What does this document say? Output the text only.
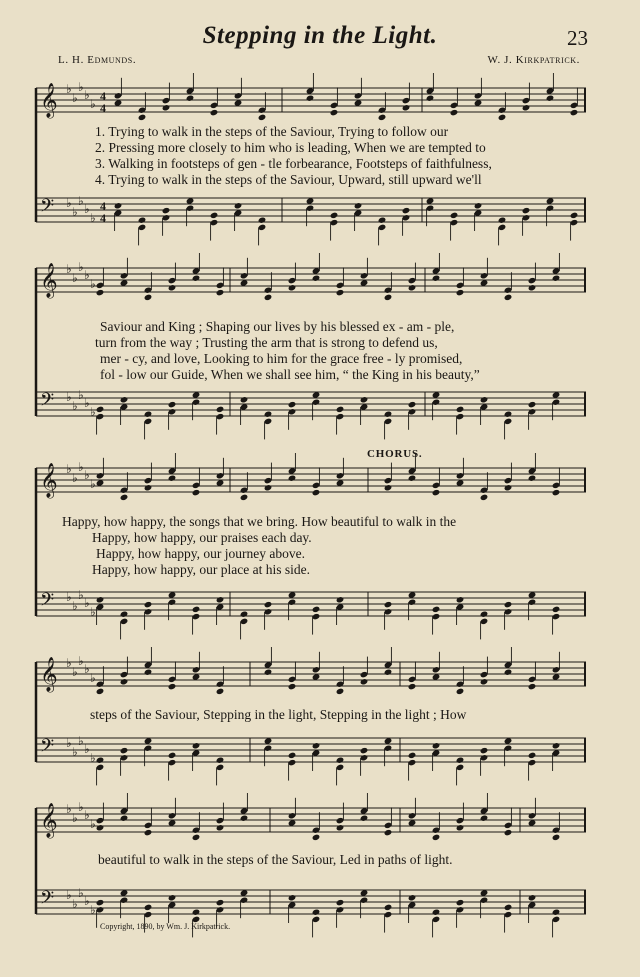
𝄞 ♭
♭
♭
♭
♭
4
4
𝄢 ♭
♭
♭
♭
♭
4
4
𝄞 ♭
♭
♭
♭
♭
𝄢 ♭
♭
♭
♭
♭
𝄞 ♭
♭
♭
♭
♭
𝄢 ♭
♭
♭
♭
♭
𝄞 ♭
♭
♭
♭
♭
𝄢 ♭
♭
♭
♭
♭
𝄞 ♭
♭
♭
♭
♭
𝄢 ♭
♭
♭
♭
♭
Stepping in the Light.	23
L. H. Edmunds.	W. J. Kirkpatrick.
1. Trying to walk in the steps of the Saviour, Trying to follow our
2. Pressing more closely to him who is leading, When we are tempted to
3. Walking in footsteps of gen - tle forbearance, Footsteps of faithfulness,
4. Trying to walk in the steps of the Saviour, Upward, still upward we'll
Saviour and King ; Shaping our lives by his blessed ex - am - ple,
turn from the way ; Trusting the arm that is strong to defend us,
mer - cy, and love, Looking to him for the grace free - ly promised,
fol - low our Guide, When we shall see him, “ the King in his beauty,”
CHORUS.
Happy, how happy, the songs that we bring. How beautiful to walk in the
Happy, how happy, our praises each day.
Happy, how happy, our journey above.
Happy, how happy, our place at his side.
steps of the Saviour, Stepping in the light, Stepping in the light ; How
beautiful to walk in the steps of the Saviour, Led in paths of light.
Copyright, 1890, by Wm. J. Kirkpatrick.
